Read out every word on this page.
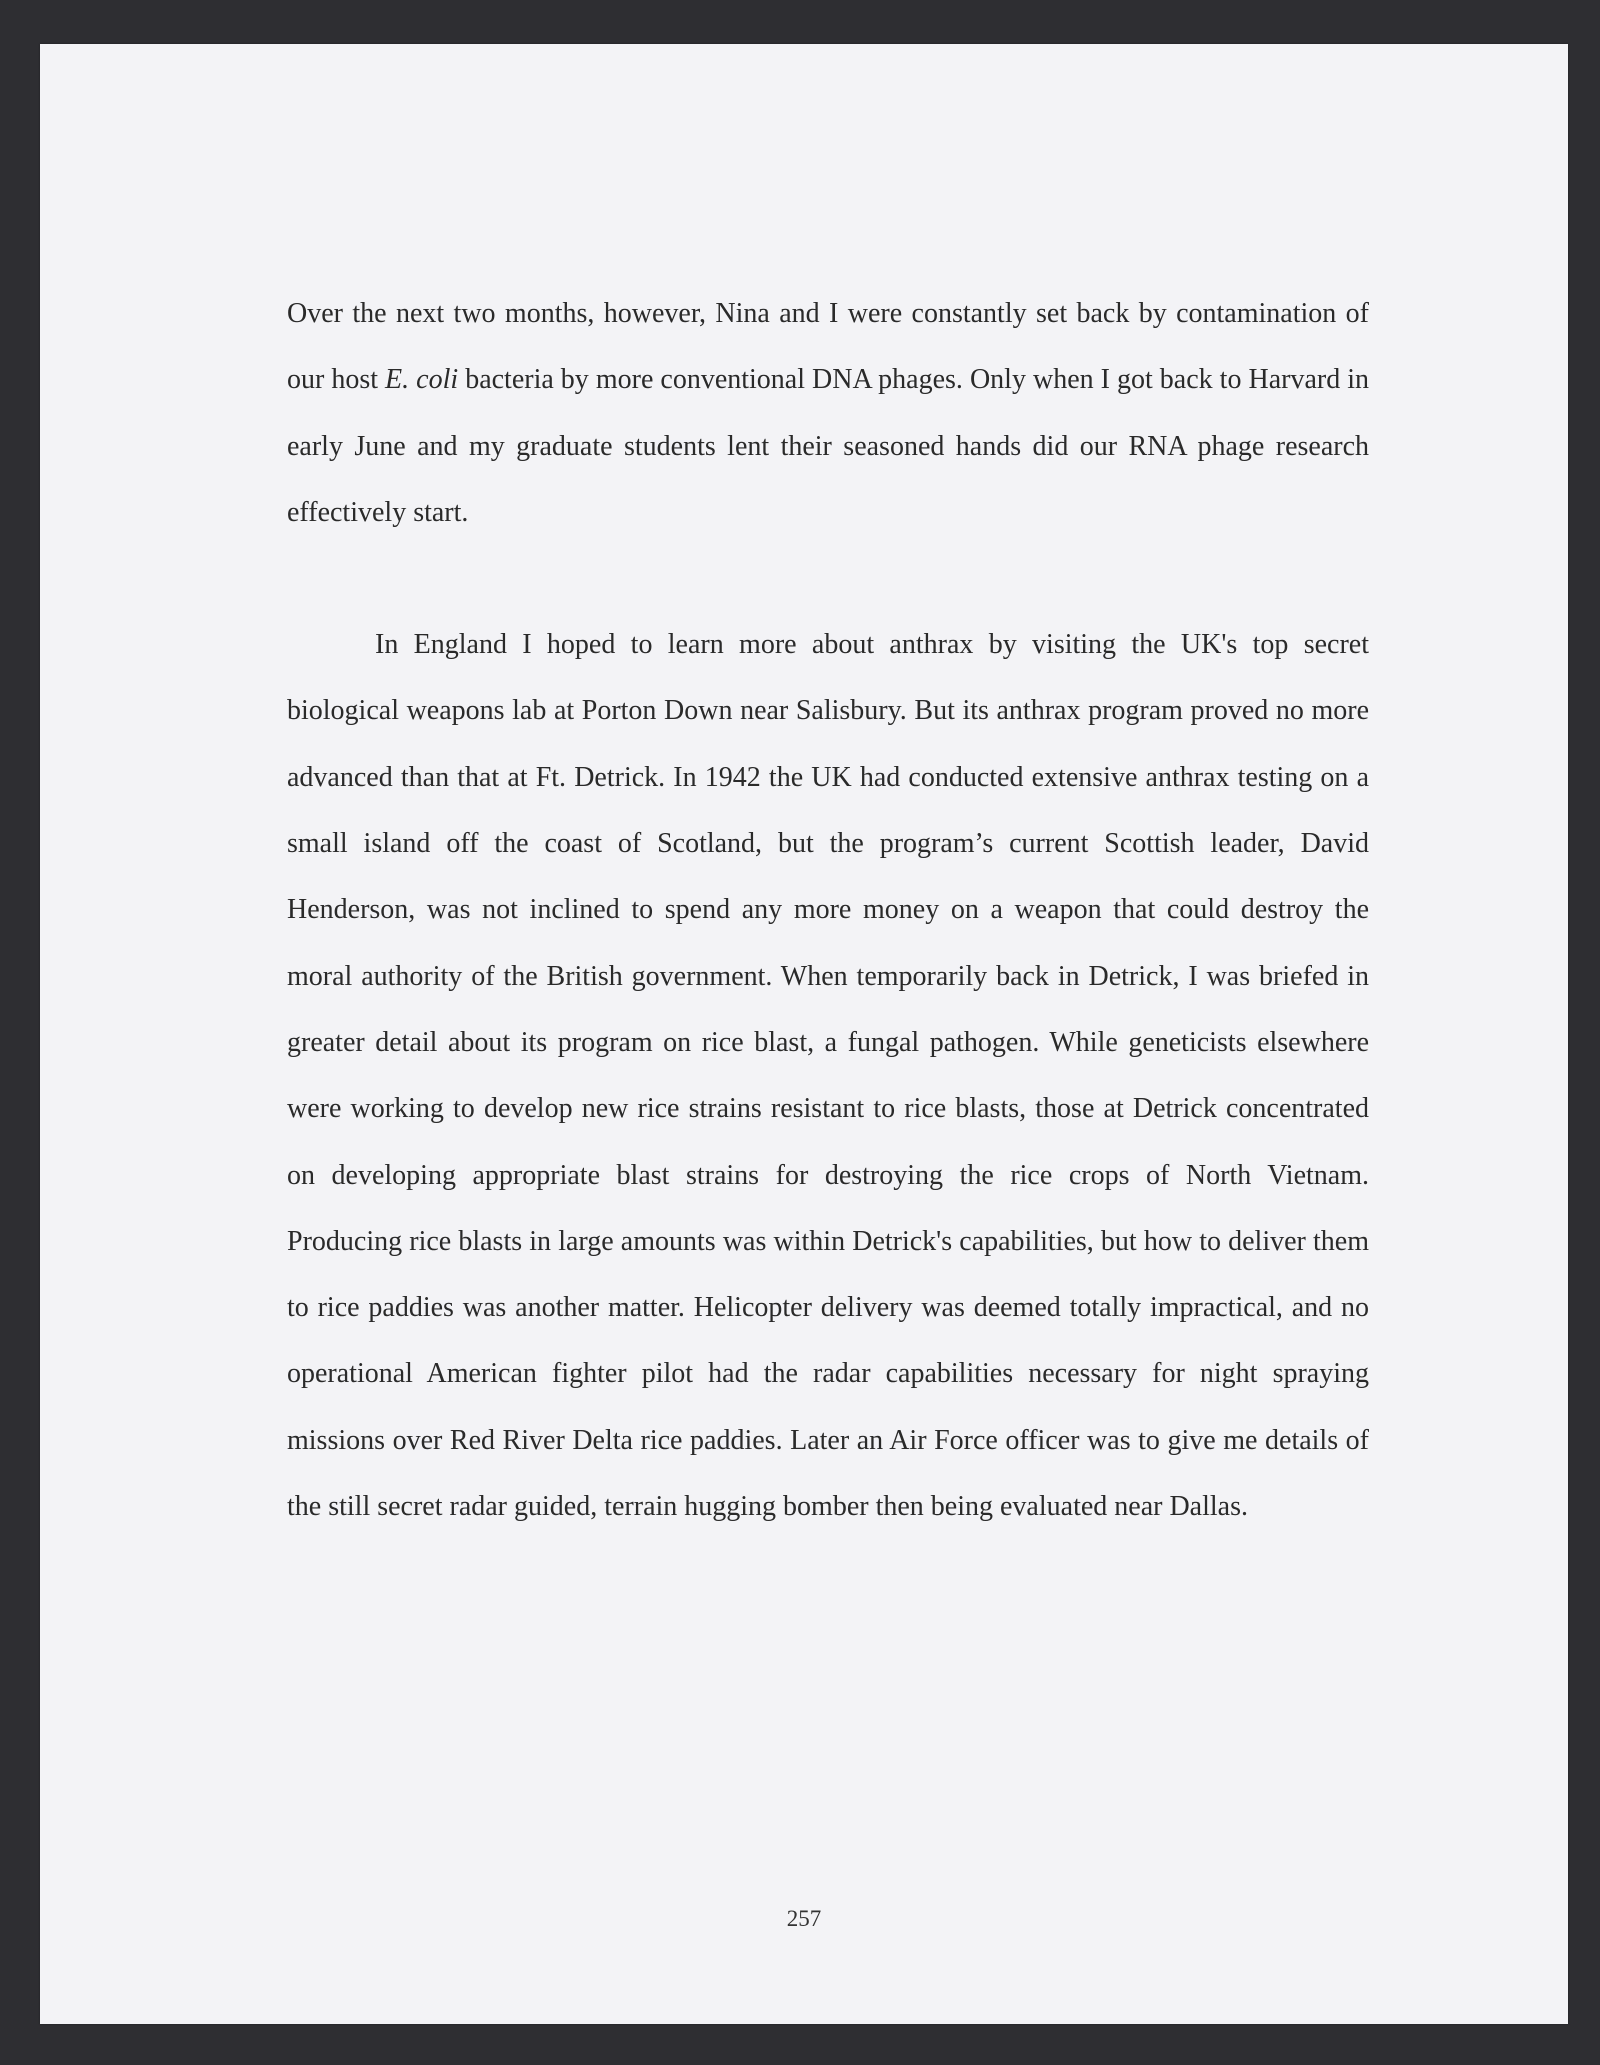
Over the next two months, however, Nina and I were constantly set back by contamination of our host E. coli bacteria by more conventional DNA phages. Only when I got back to Harvard in early June and my graduate students lent their seasoned hands did our RNA phage research effectively start.

In England I hoped to learn more about anthrax by visiting the UK's top secret biological weapons lab at Porton Down near Salisbury. But its anthrax program proved no more advanced than that at Ft. Detrick. In 1942 the UK had conducted extensive anthrax testing on a small island off the coast of Scotland, but the program’s current Scottish leader, David Henderson, was not inclined to spend any more money on a weapon that could destroy the moral authority of the British government. When temporarily back in Detrick, I was briefed in greater detail about its program on rice blast, a fungal pathogen. While geneticists elsewhere were working to develop new rice strains resistant to rice blasts, those at Detrick concentrated on developing appropriate blast strains for destroying the rice crops of North Vietnam. Producing rice blasts in large amounts was within Detrick's capabilities, but how to deliver them to rice paddies was another matter. Helicopter delivery was deemed totally impractical, and no operational American fighter pilot had the radar capabilities necessary for night spraying missions over Red River Delta rice paddies. Later an Air Force officer was to give me details of the still secret radar guided, terrain hugging bomber then being evaluated near Dallas.

257
